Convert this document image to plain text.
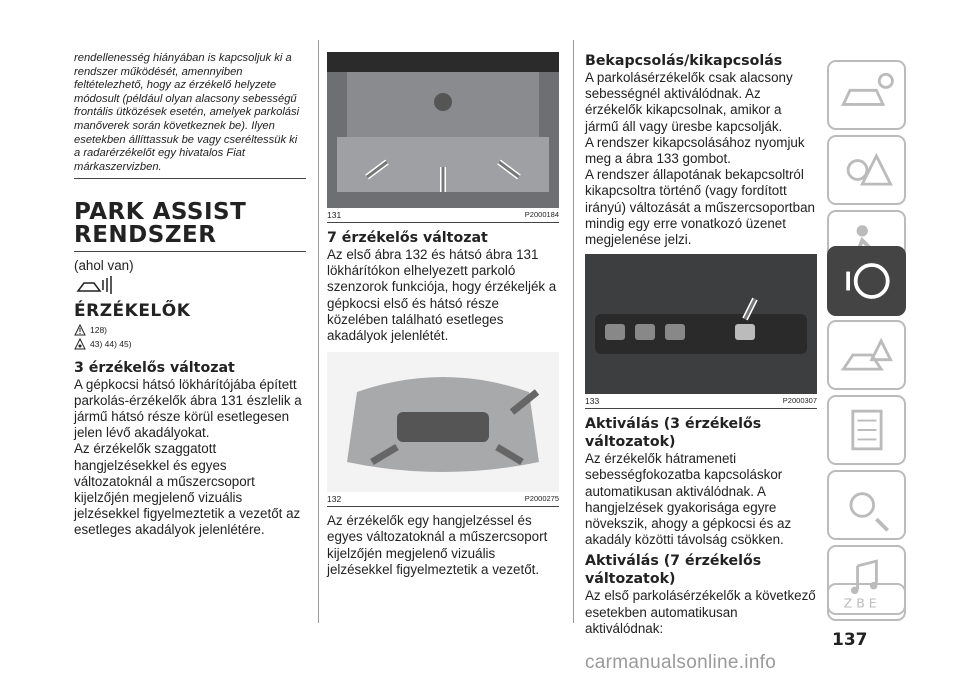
rendellenesség hiányában is kapcsoljuk ki a rendszer működését, amennyiben feltételezhető, hogy az érzékelő helyzete módosult (például olyan alacsony sebességű frontális ütközések esetén, amelyek parkolási manőverek során következnek be). Ilyen esetekben állíttassuk be vagy cseréltessük ki a radarérzékelőt egy hivatalos Fiat márkaszervizben.
PARK ASSIST
RENDSZER

(ahol van)

ÉRZÉKELŐK
128)
43) 44) 45)

3 érzékelős változat

A gépkocsi hátsó lökhárítójába épített parkolás-érzékelők ábra 131 észlelik a jármű hátsó része körül esetlegesen jelen lévő akadályokat.

Az érzékelők szaggatott hangjelzésekkel és egyes változatoknál a műszercsoport kijelzőjén megjelenő vizuális jelzésekkel figyelmeztetik a vezetőt az esetleges akadályok jelenlétére.

131	P2000184

7 érzékelős változat

Az első ábra 132 és hátsó ábra 131 lökhárítókon elhelyezett parkoló szenzorok funkciója, hogy érzékeljék a gépkocsi első és hátsó része közelében található esetleges akadályok jelenlétét.

132	P2000275

Az érzékelők egy hangjelzéssel és egyes változatoknál a műszercsoport kijelzőjén megjelenő vizuális jelzésekkel figyelmeztetik a vezetőt.

Bekapcsolás/kikapcsolás

A parkolásérzékelők csak alacsony sebességnél aktiválódnak. Az érzékelők kikapcsolnak, amikor a jármű áll vagy üresbe kapcsolják.

A rendszer kikapcsolásához nyomjuk meg a ábra 133 gombot.

A rendszer állapotának bekapcsoltról kikapcsoltra történő (vagy fordított irányú) változását a műszercsoportban mindig egy erre vonatkozó üzenet megjelenése jelzi.

133	P2000307

Aktiválás (3 érzékelős változatok)

Az érzékelők hátrameneti sebességfokozatba kapcsoláskor automatikusan aktiválódnak. A hangjelzések gyakorisága egyre növekszik, ahogy a gépkocsi és az akadály közötti távolság csökken.

Aktiválás (7 érzékelős változatok)

Az első parkolásérzékelők a következő esetekben automatikusan aktiválódnak:

Z B E
137
carmanualsonline.info
